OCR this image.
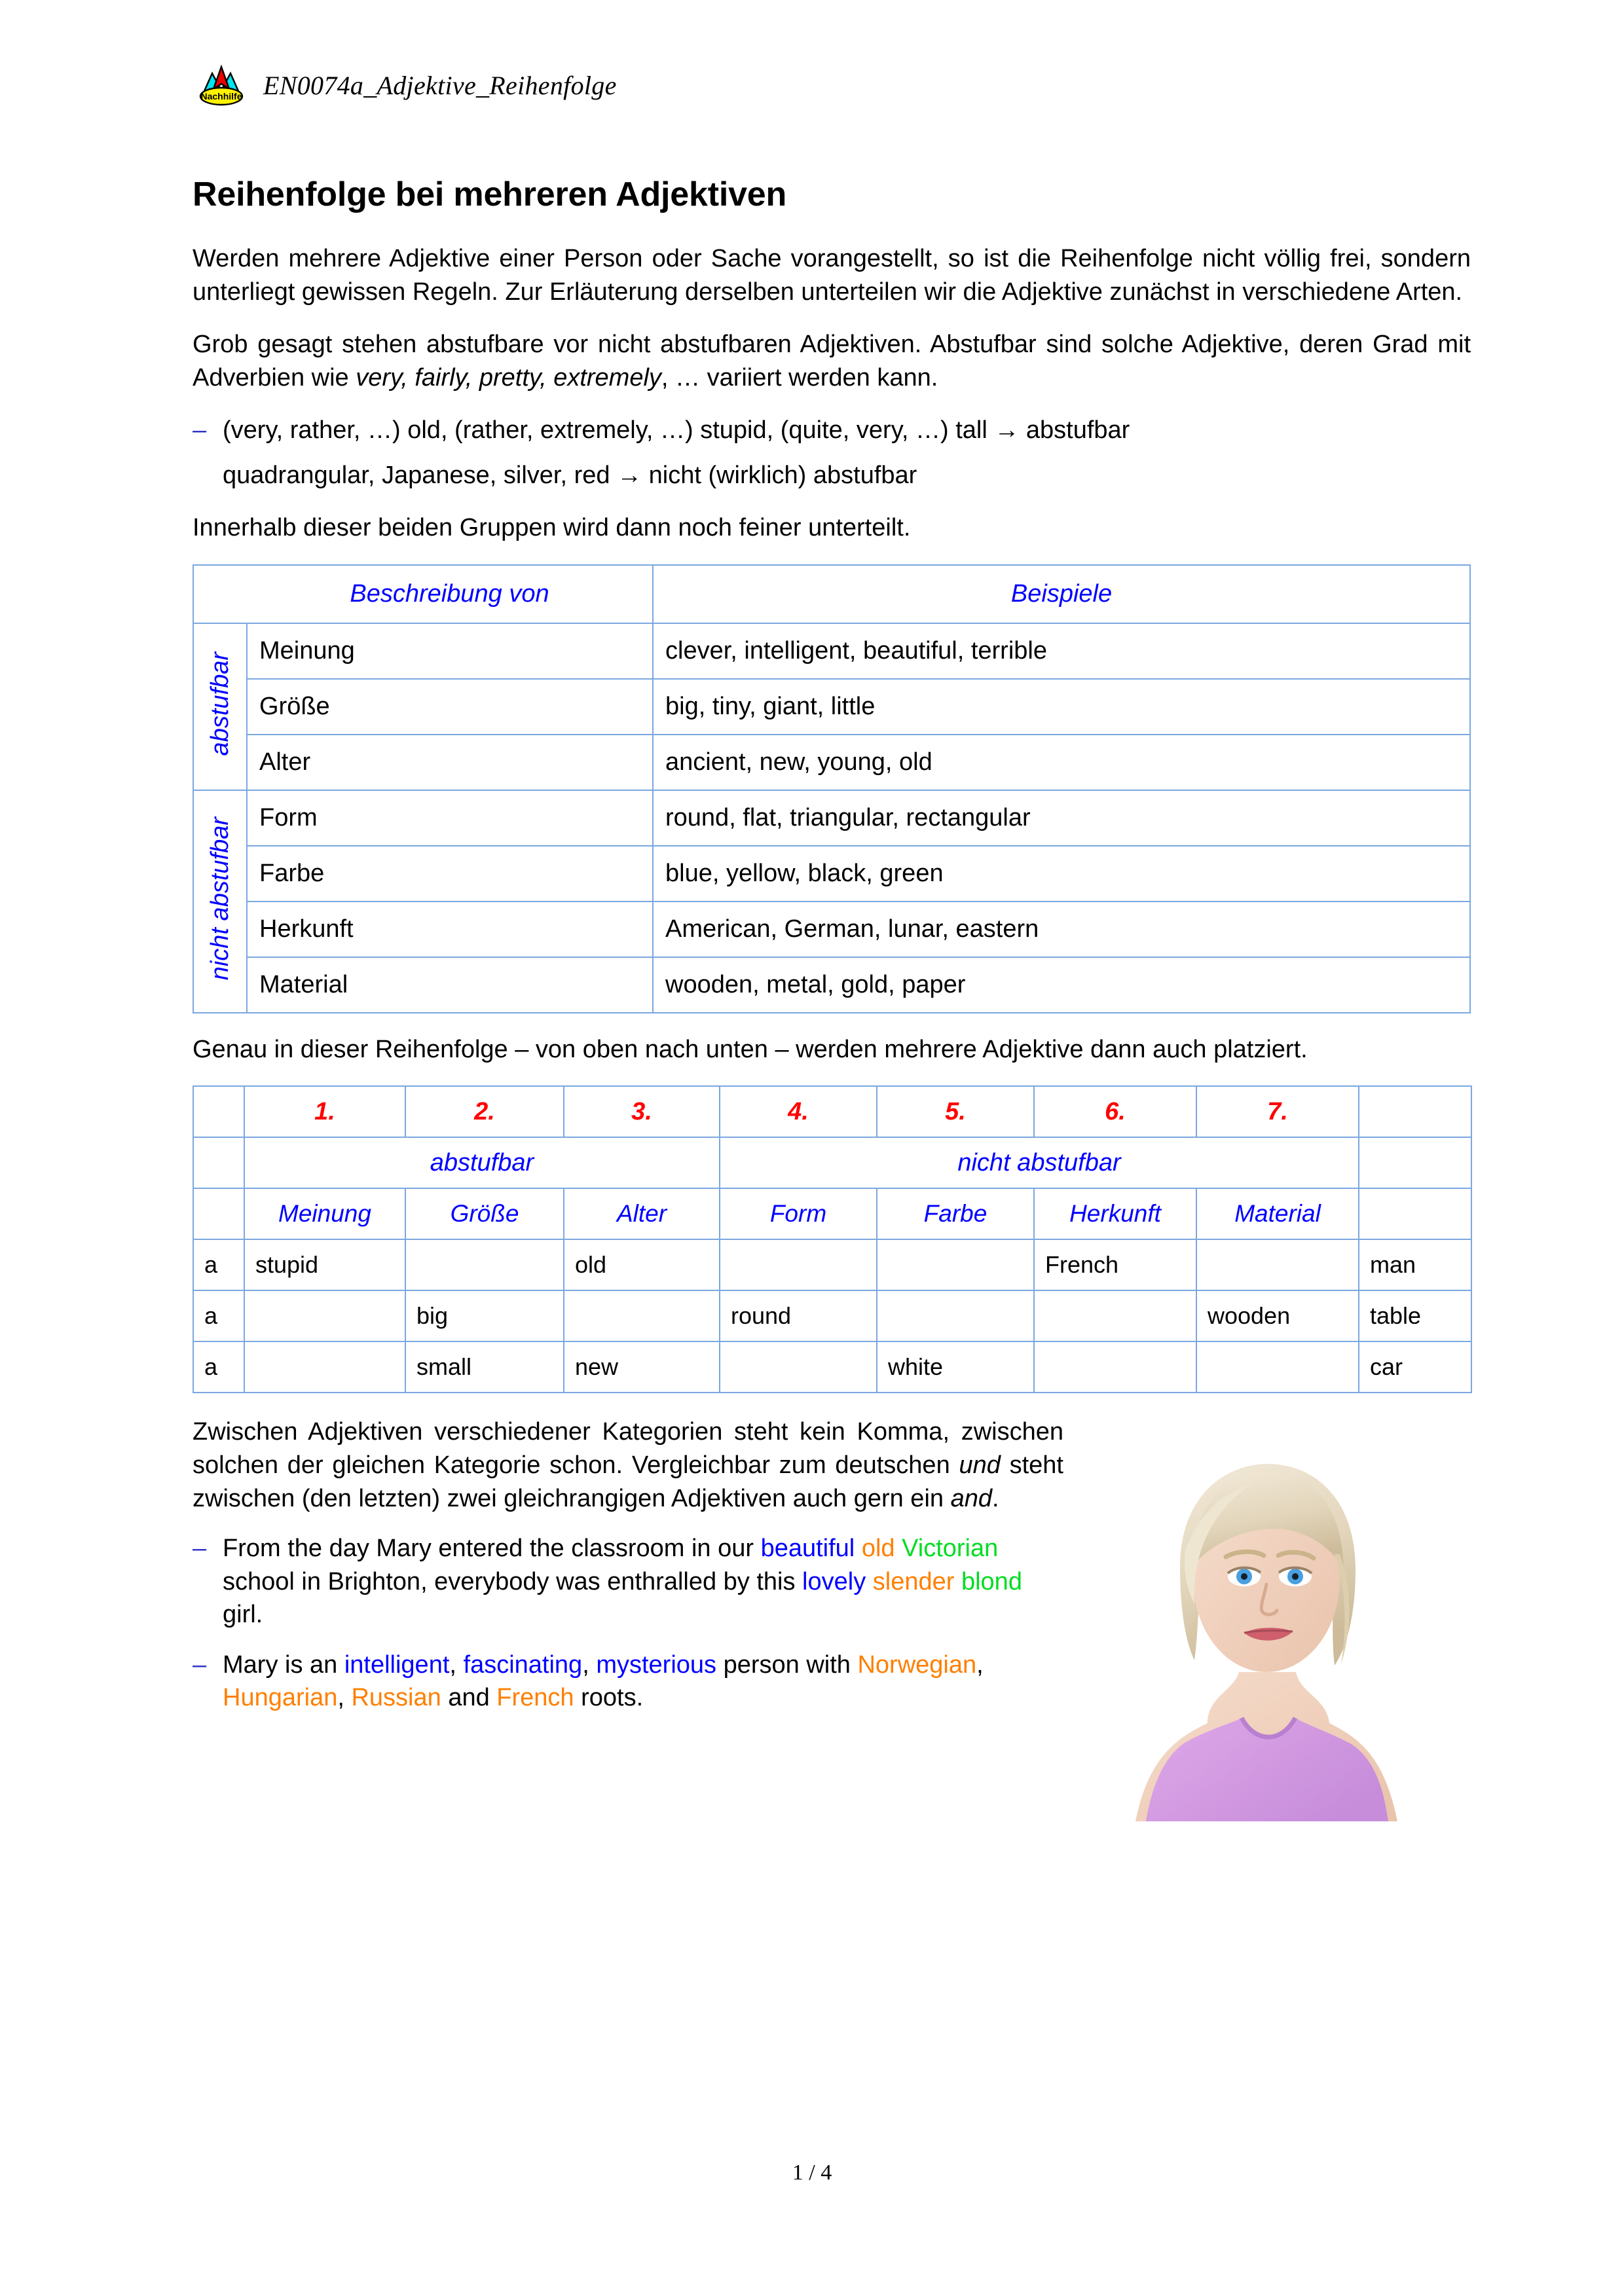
Nachhilfe EN0074a_Adjektive_Reihenfolge
Reihenfolge bei mehreren Adjektiven

Werden mehrere Adjektive einer Person oder Sache vorangestellt, so ist die Reihenfolge nicht völlig frei, sondern unterliegt gewissen Regeln. Zur Erläuterung derselben unterteilen wir die Adjektive zunächst in verschiedene Arten.

Grob gesagt stehen abstufbare vor nicht abstufbaren Adjektiven. Abstufbar sind solche Adjektive, deren Grad mit Adverbien wie very, fairly, pretty, extremely, … variiert werden kann.

– (very, rather, …) old, (rather, extremely, …) stupid, (quite, very, …) tall → abstufbar
quadrangular, Japanese, silver, red → nicht (wirklich) abstufbar

Innerhalb dieser beiden Gruppen wird dann noch feiner unterteilt.

	Beschreibung von	Beispiele
abstufbar	Meinung	clever, intelligent, beautiful, terrible
	Größe	big, tiny, giant, little
	Alter	ancient, new, young, old
nicht abstufbar	Form	round, flat, triangular, rectangular
	Farbe	blue, yellow, black, green
	Herkunft	American, German, lunar, eastern
	Material	wooden, metal, gold, paper

Genau in dieser Reihenfolge – von oben nach unten – werden mehrere Adjektive dann auch platziert.

	1.	2.	3.	4.	5.	6.	7.	
	abstufbar			nicht abstufbar				
	Meinung	Größe	Alter	Form	Farbe	Herkunft	Material	
a	stupid		old			French		man
a		big		round			wooden	table
a		small	new		white			car

Zwischen Adjektiven verschiedener Kategorien steht kein Komma, zwischen solchen der gleichen Kategorie schon. Vergleichbar zum deutschen und steht zwischen (den letzten) zwei gleichrangigen Adjektiven auch gern ein and.

– From the day Mary entered the classroom in our beautiful old Victorian school in Brighton, everybody was enthralled by this lovely slender blond girl.
– Mary is an intelligent, fascinating, mysterious person with Norwegian, Hungarian, Russian and French roots.
1 / 4
